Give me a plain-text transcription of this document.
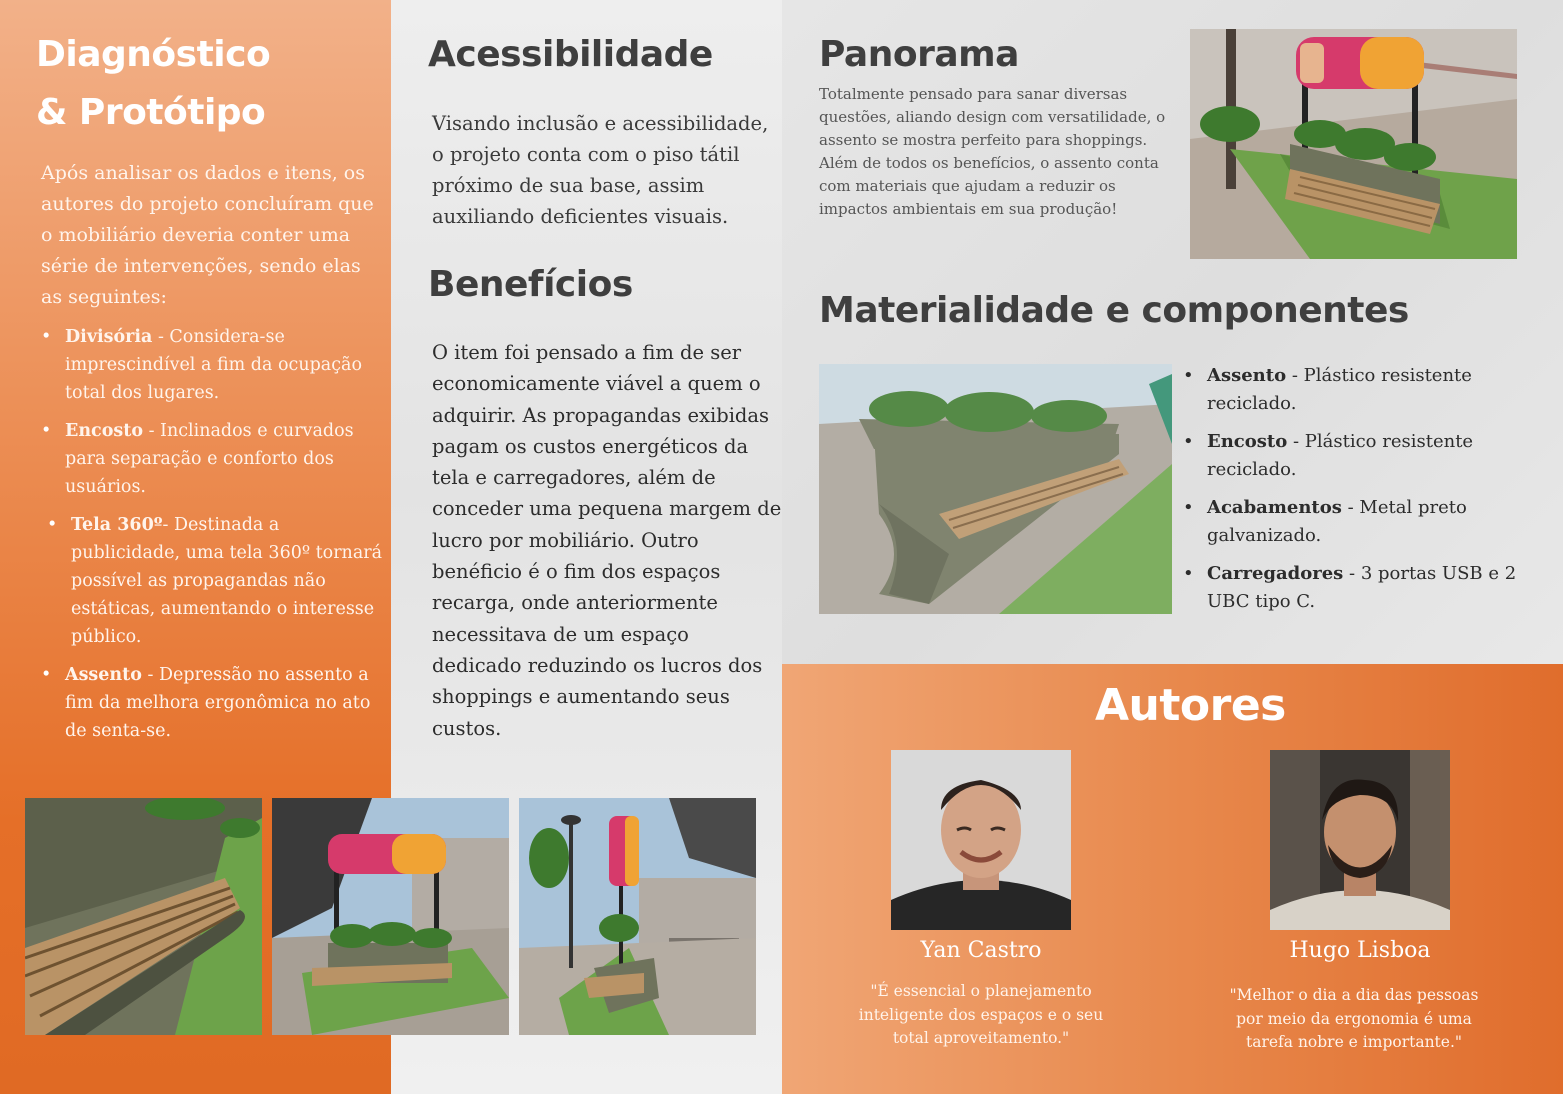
Diagnóstico
& Protótipo

Após analisar os dados e itens, os autores do projeto concluíram que o mobiliário deveria conter uma série de intervenções, sendo elas as seguintes:

• Divisória - Considera-se imprescindível a fim da ocupação total dos lugares.
• Encosto - Inclinados e curvados para separação e conforto dos usuários.
• Tela 360º- Destinada a publicidade, uma tela 360º tornará possível as propagandas não estáticas, aumentando o interesse público.
• Assento - Depressão no assento a fim da melhora ergonômica no ato de senta-se.
Acessibilidade

Visando inclusão e acessibilidade, o projeto conta com o piso tátil próximo de sua base, assim auxiliando deficientes visuais.

Benefícios

O item foi pensado a fim de ser economicamente viável a quem o adquirir. As propagandas exibidas pagam os custos energéticos da tela e carregadores, além de conceder uma pequena margem de lucro por mobiliário. Outro benéficio é o fim dos espaços recarga, onde anteriormente necessitava de um espaço dedicado reduzindo os lucros dos shoppings e aumentando seus custos.

Panorama

Totalmente pensado para sanar diversas questões, aliando design com versatilidade, o assento se mostra perfeito para shoppings. Além de todos os benefícios, o assento conta com materiais que ajudam a reduzir os impactos ambientais em sua produção!

Materialidade e componentes
• Assento - Plástico resistente reciclado.
• Encosto - Plástico resistente reciclado.
• Acabamentos - Metal preto galvanizado.
• Carregadores - 3 portas USB e 2 UBC tipo C.
Autores
Yan Castro

"É essencial o planejamento inteligente dos espaços e o seu total aproveitamento."

Hugo Lisboa

"Melhor o dia a dia das pessoas por meio da ergonomia é uma tarefa nobre e importante."
